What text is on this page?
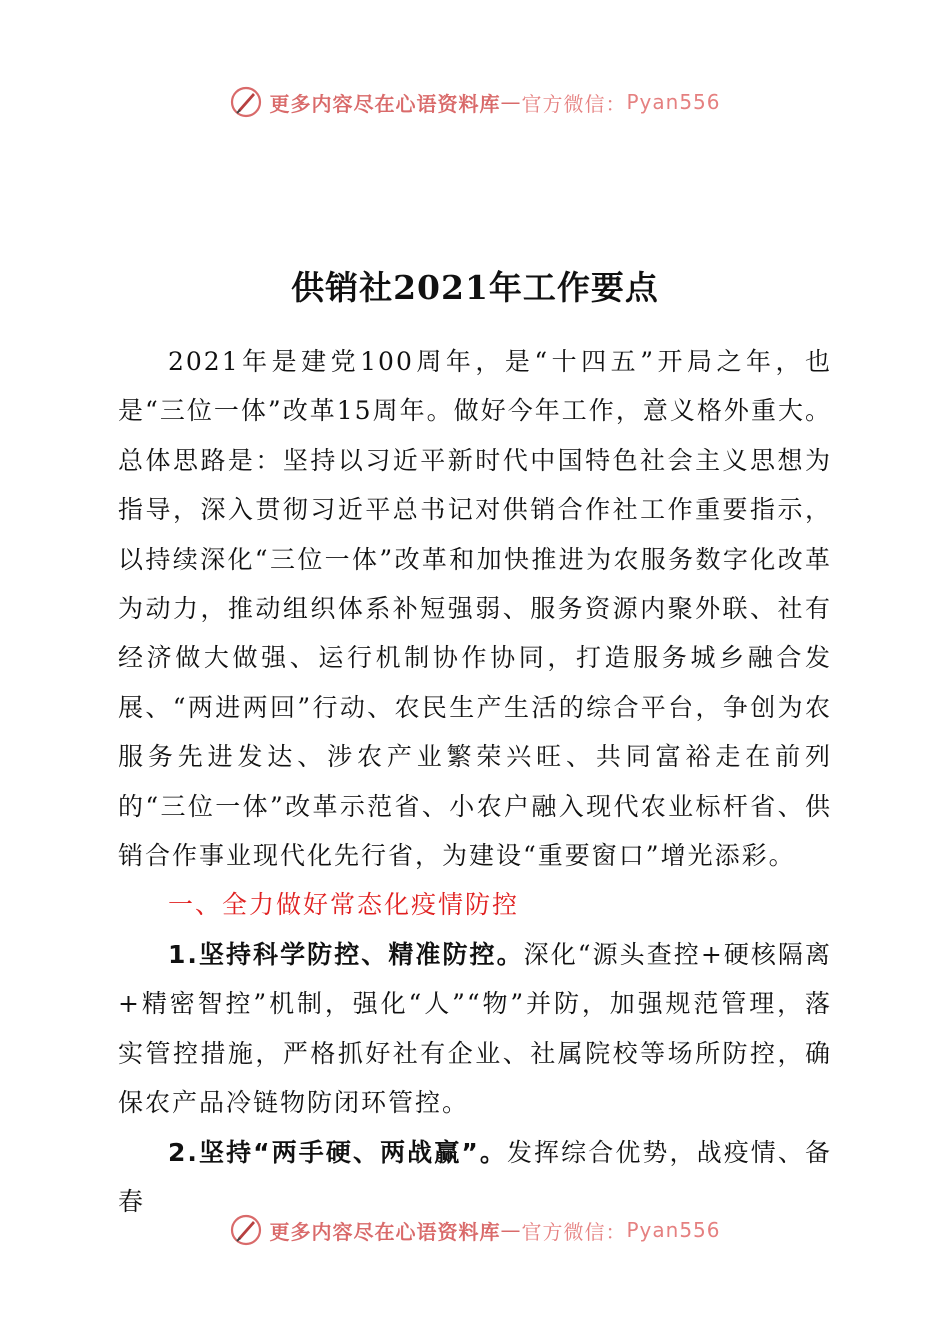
更多内容尽在心语资料库 — 官方微信： Pyan556
供销社2021年工作要点

2021年是建党100周年，是“十四五”开局之年，也是“三位一体”改革15周年。做好今年工作，意义格外重大。总体思路是：坚持以习近平新时代中国特色社会主义思想为指导，深入贯彻习近平总书记对供销合作社工作重要指示，以持续深化“三位一体”改革和加快推进为农服务数字化改革为动力，推动组织体系补短强弱、服务资源内聚外联、社有经济做大做强、运行机制协作协同，打造服务城乡融合发展、“两进两回”行动、农民生产生活的综合平台，争创为农服务先进发达、涉农产业繁荣兴旺、共同富裕走在前列的“三位一体”改革示范省、小农户融入现代农业标杆省、供销合作事业现代化先行省，为建设“重要窗口”增光添彩。

一、全力做好常态化疫情防控

1.坚持科学防控、精准防控。深化“源头查控+硬核隔离+精密智控”机制，强化“人”“物”并防，加强规范管理，落实管控措施，严格抓好社有企业、社属院校等场所防控，确保农产品冷链物防闭环管控。

2.坚持“两手硬、两战赢”。发挥综合优势，战疫情、备春

更多内容尽在心语资料库 — 官方微信： Pyan556
